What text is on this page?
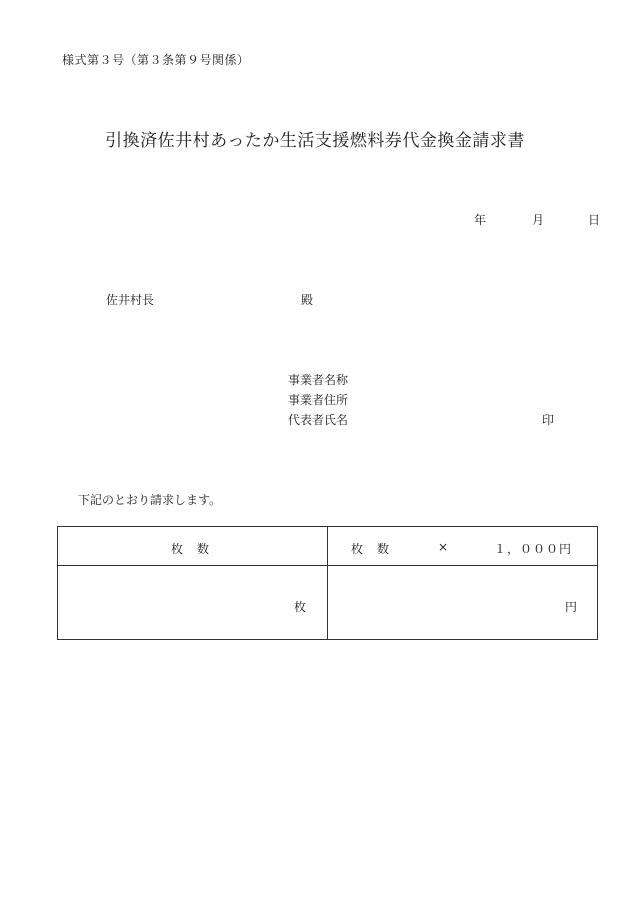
様式第３号（第３条第９号関係）
引換済佐井村あったか生活支援燃料券代金換金請求書
年	月	日
佐井村長	殿
事業者名称
事業者住所
代表者氏名	印
下記のとおり請求します。
枚　数	枚　数	×	１，０００円
枚	円
